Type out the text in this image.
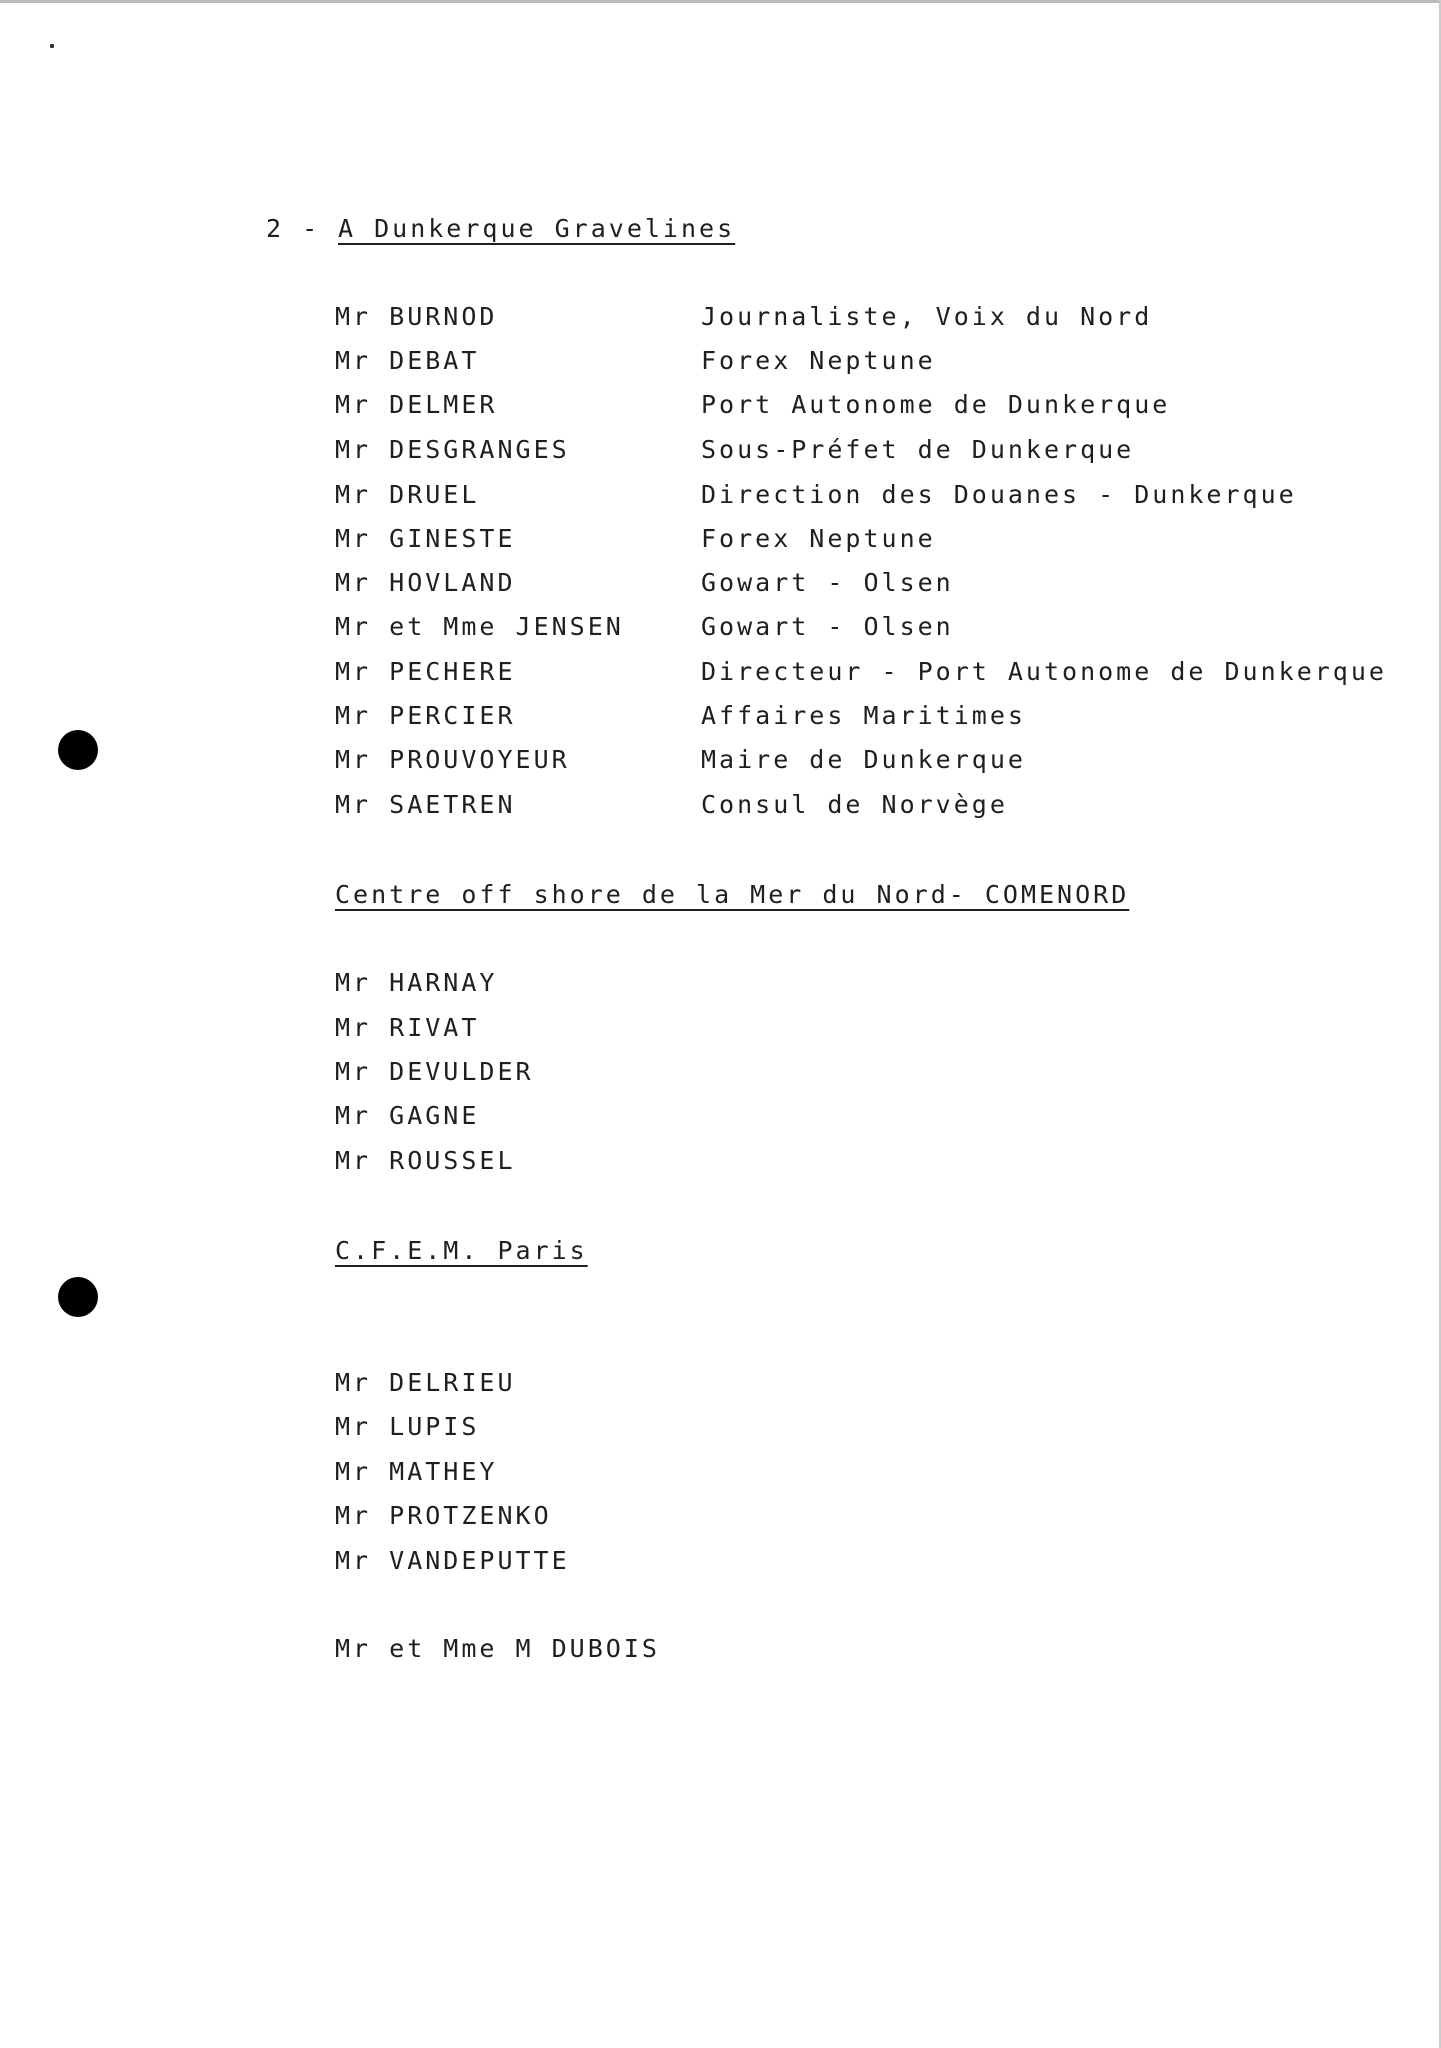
2 - A Dunkerque Gravelines
Mr BURNOD	Journaliste, Voix du Nord
Mr DEBAT	Forex Neptune
Mr DELMER	Port Autonome de Dunkerque
Mr DESGRANGES	Sous-Préfet de Dunkerque
Mr DRUEL	Direction des Douanes - Dunkerque
Mr GINESTE	Forex Neptune
Mr HOVLAND	Gowart - Olsen
Mr et Mme JENSEN	Gowart - Olsen
Mr PECHERE	Directeur - Port Autonome de Dunkerque
Mr PERCIER	Affaires Maritimes
Mr PROUVOYEUR	Maire de Dunkerque
Mr SAETREN	Consul de Norvège
Centre off shore de la Mer du Nord- COMENORD
Mr HARNAY
Mr RIVAT
Mr DEVULDER
Mr GAGNE
Mr ROUSSEL
C.F.E.M. Paris
Mr DELRIEU
Mr LUPIS
Mr MATHEY
Mr PROTZENKO
Mr VANDEPUTTE
Mr et Mme M DUBOIS
